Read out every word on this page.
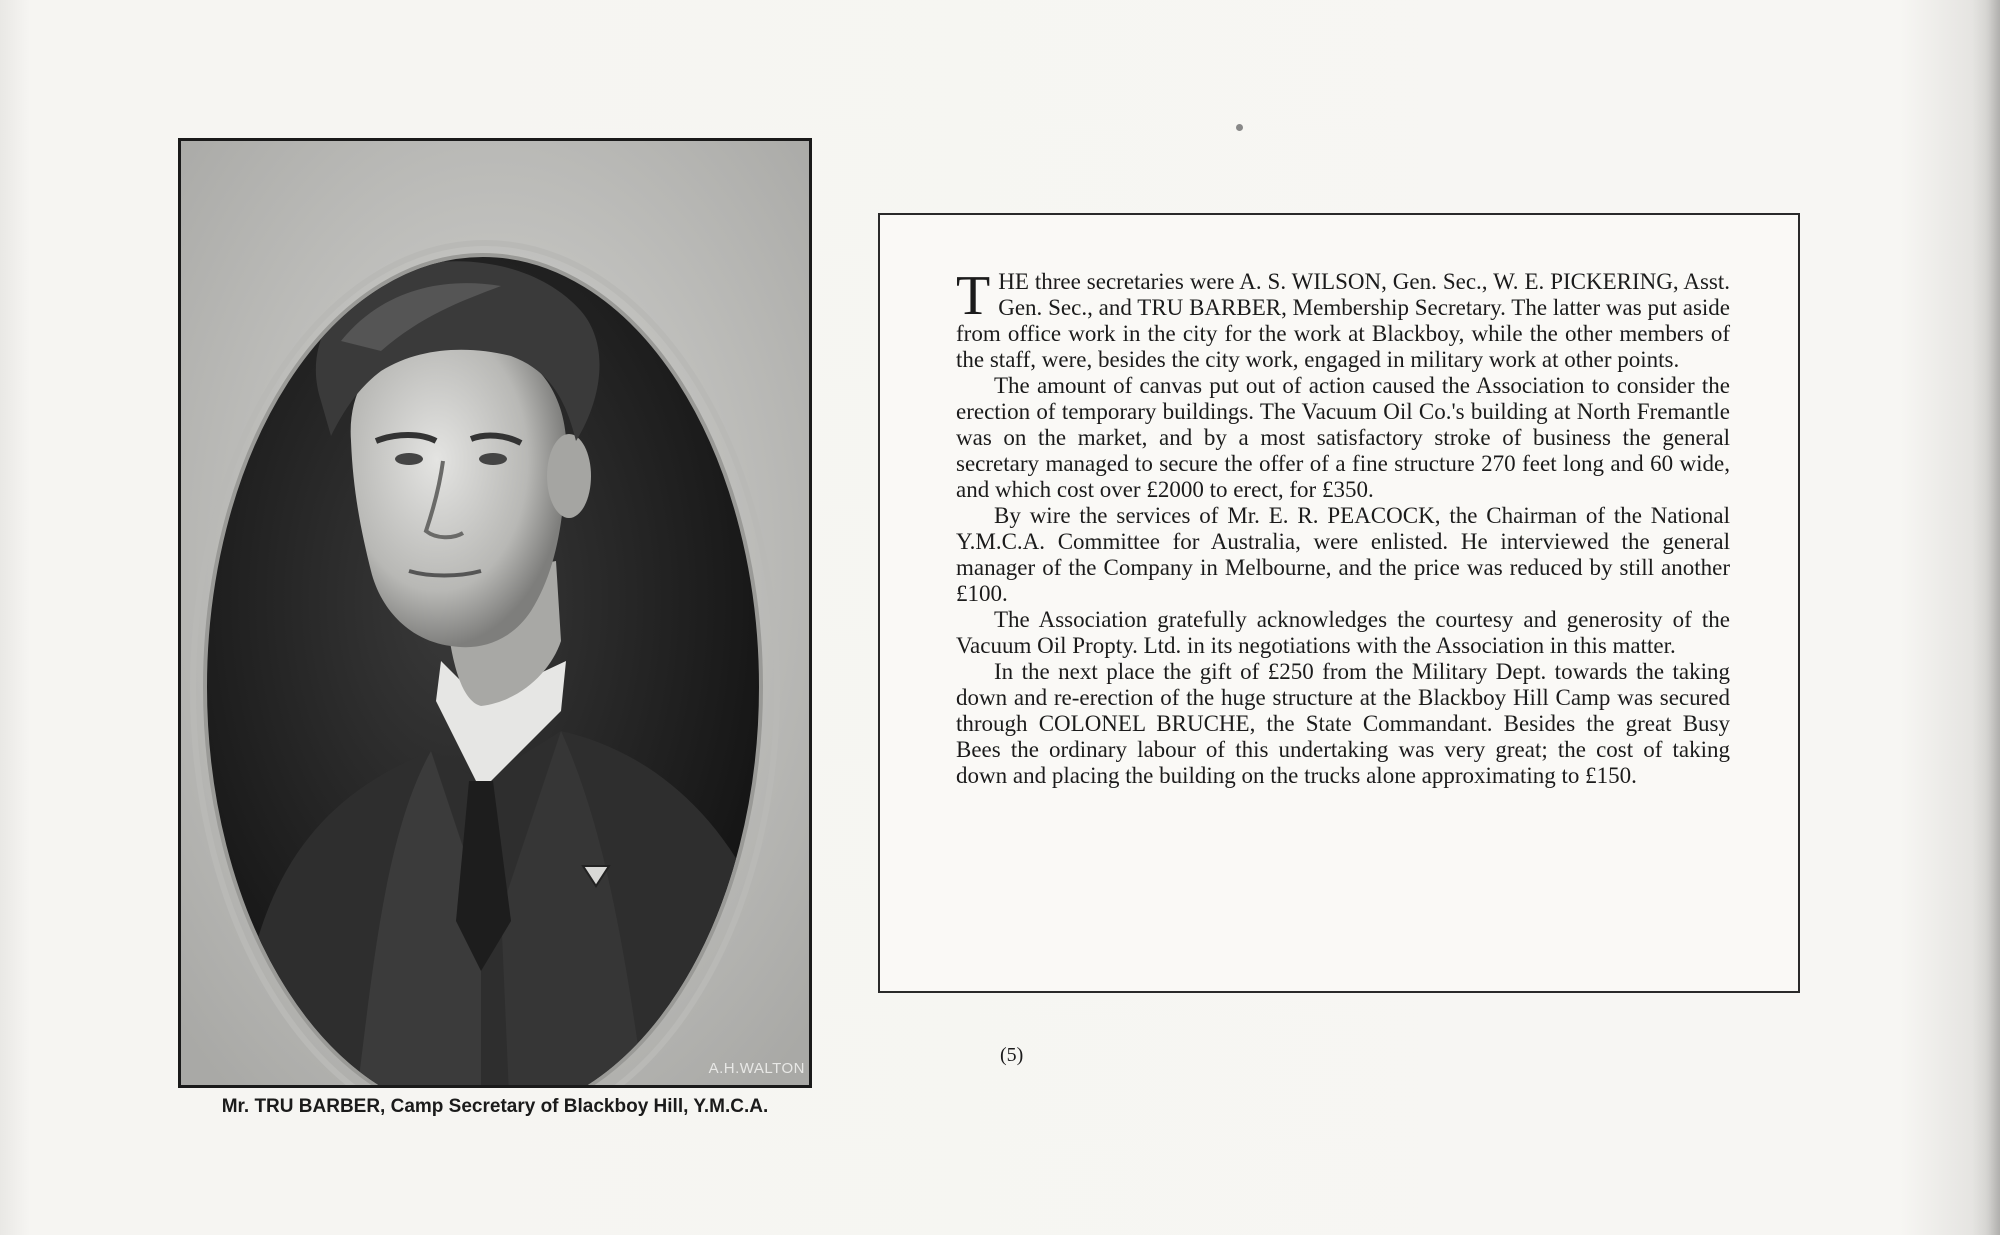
A.H.WALTON
Mr. TRU BARBER, Camp Secretary of Blackboy Hill, Y.M.C.A.

THE three secretaries were A. S. WILSON, Gen. Sec., W. E. PICKERING, Asst. Gen. Sec., and TRU BARBER, Membership Secretary. The latter was put aside from office work in the city for the work at Blackboy, while the other members of the staff, were, besides the city work, engaged in military work at other points.

The amount of canvas put out of action caused the Association to consider the erection of temporary buildings. The Vacuum Oil Co.'s building at North Fremantle was on the market, and by a most satisfactory stroke of business the general secretary managed to secure the offer of a fine structure 270 feet long and 60 wide, and which cost over £2000 to erect, for £350.

By wire the services of Mr. E. R. PEACOCK, the Chairman of the National Y.M.C.A. Committee for Australia, were enlisted. He interviewed the general manager of the Company in Melbourne, and the price was reduced by still another £100.

The Association gratefully acknowledges the courtesy and generosity of the Vacuum Oil Propty. Ltd. in its negotiations with the Association in this matter.

In the next place the gift of £250 from the Military Dept. towards the taking down and re-erection of the huge structure at the Blackboy Hill Camp was secured through COLONEL BRUCHE, the State Commandant. Besides the great Busy Bees the ordinary labour of this undertaking was very great; the cost of taking down and placing the building on the trucks alone approximating to £150.

(5)
